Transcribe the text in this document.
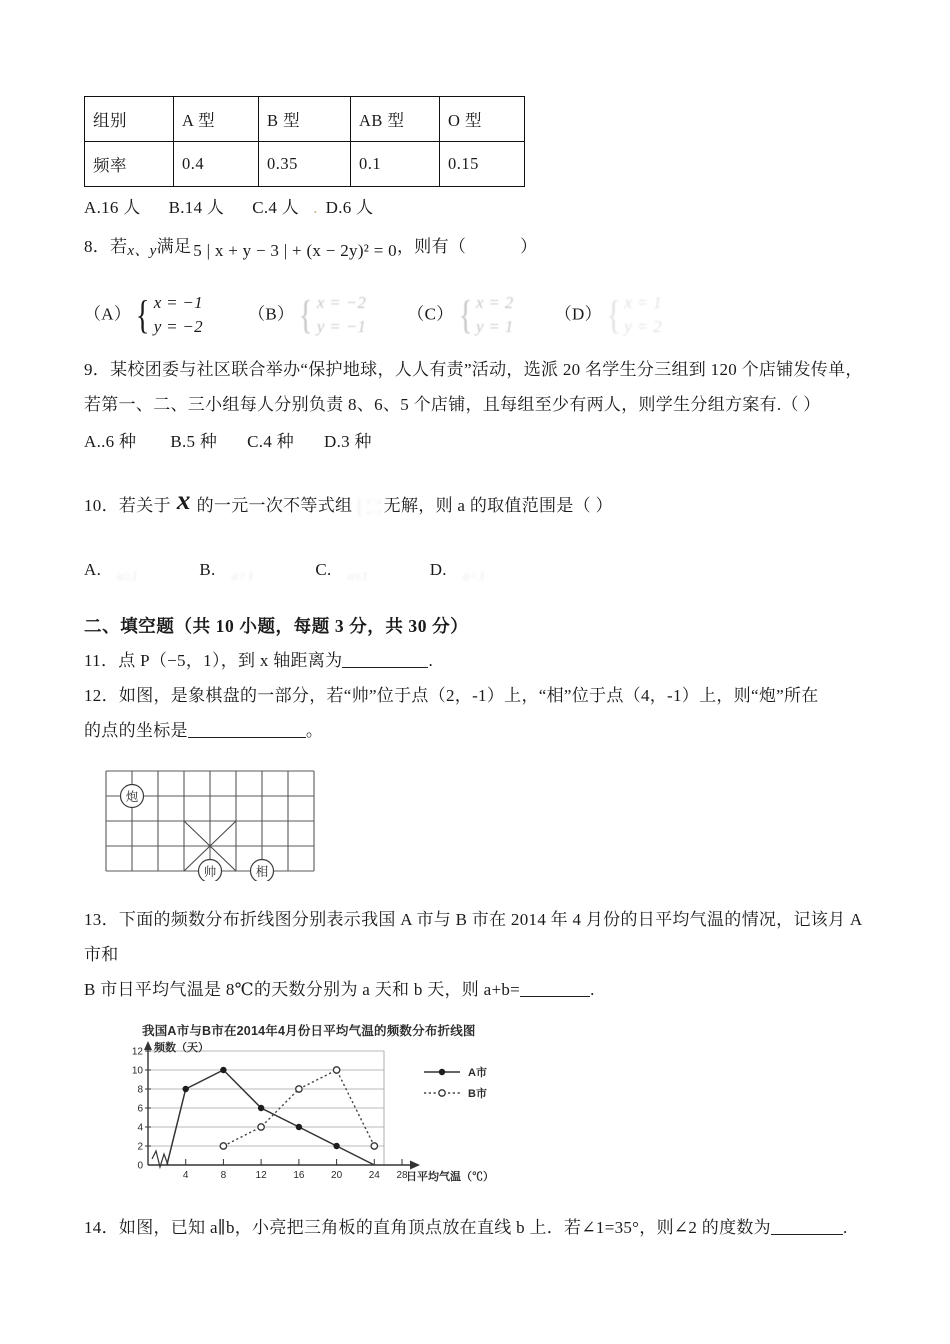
组别	A 型	B 型	AB 型	O 型
频率	0.4	0.35	0.1	0.15
A.16 人 B.14 人 C.4 人 . D.6 人
8．若x、y满足 5 | x + y − 3 | + (x − 2y)² = 0，则有（	）
（A） { x = −1
y = −2
（B） { x = −2
y = −1
（C） { x = 2
y = 1
（D） { x = 1
y = 2
9．某校团委与社区联合举办“保护地球，人人有责”活动，选派 20 名学生分三组到 120 个店铺发传单，
若第一、二、三小组每人分别负责 8、6、5 个店铺，且每组至少有两人，则学生分组方案有.（ ）
A..6 种 B.5 种 C.4 种 D.3 种
10．若关于 x 的一元一次不等式组 { x>a
x>1 无解，则 a 的取值范围是（ ）
A. $_{a\ge 1}$	B. $_{a>1}$	C. $_{a\le 1}$	D. $_{a<1}$
二、填空题（共 10 小题，每题 3 分，共 30 分）
11．点 P（−5，1），到 x 轴距离为	.
12．如图，是象棋盘的一部分，若“帅”位于点（2，-1）上，“相”位于点（4，-1）上，则“炮”所在
的点的坐标是	。
炮
帅	相
13．下面的频数分布折线图分别表示我国 A 市与 B 市在 2014 年 4 月份的日平均气温的情况，记该月 A 市和
B 市日平均气温是 8℃的天数分别为 a 天和 b 天，则 a+b=	.
我国A市与B市在2014年4月份日平均气温的频数分布折线图
12
10
8
6
4
2
0
4	8	12	16	20	24 28
频数（天）
日平均气温（℃）
A市
B市
14．如图，已知 a∥b，小亮把三角板的直角顶点放在直线 b 上．若∠1=35°，则∠2 的度数为	.
